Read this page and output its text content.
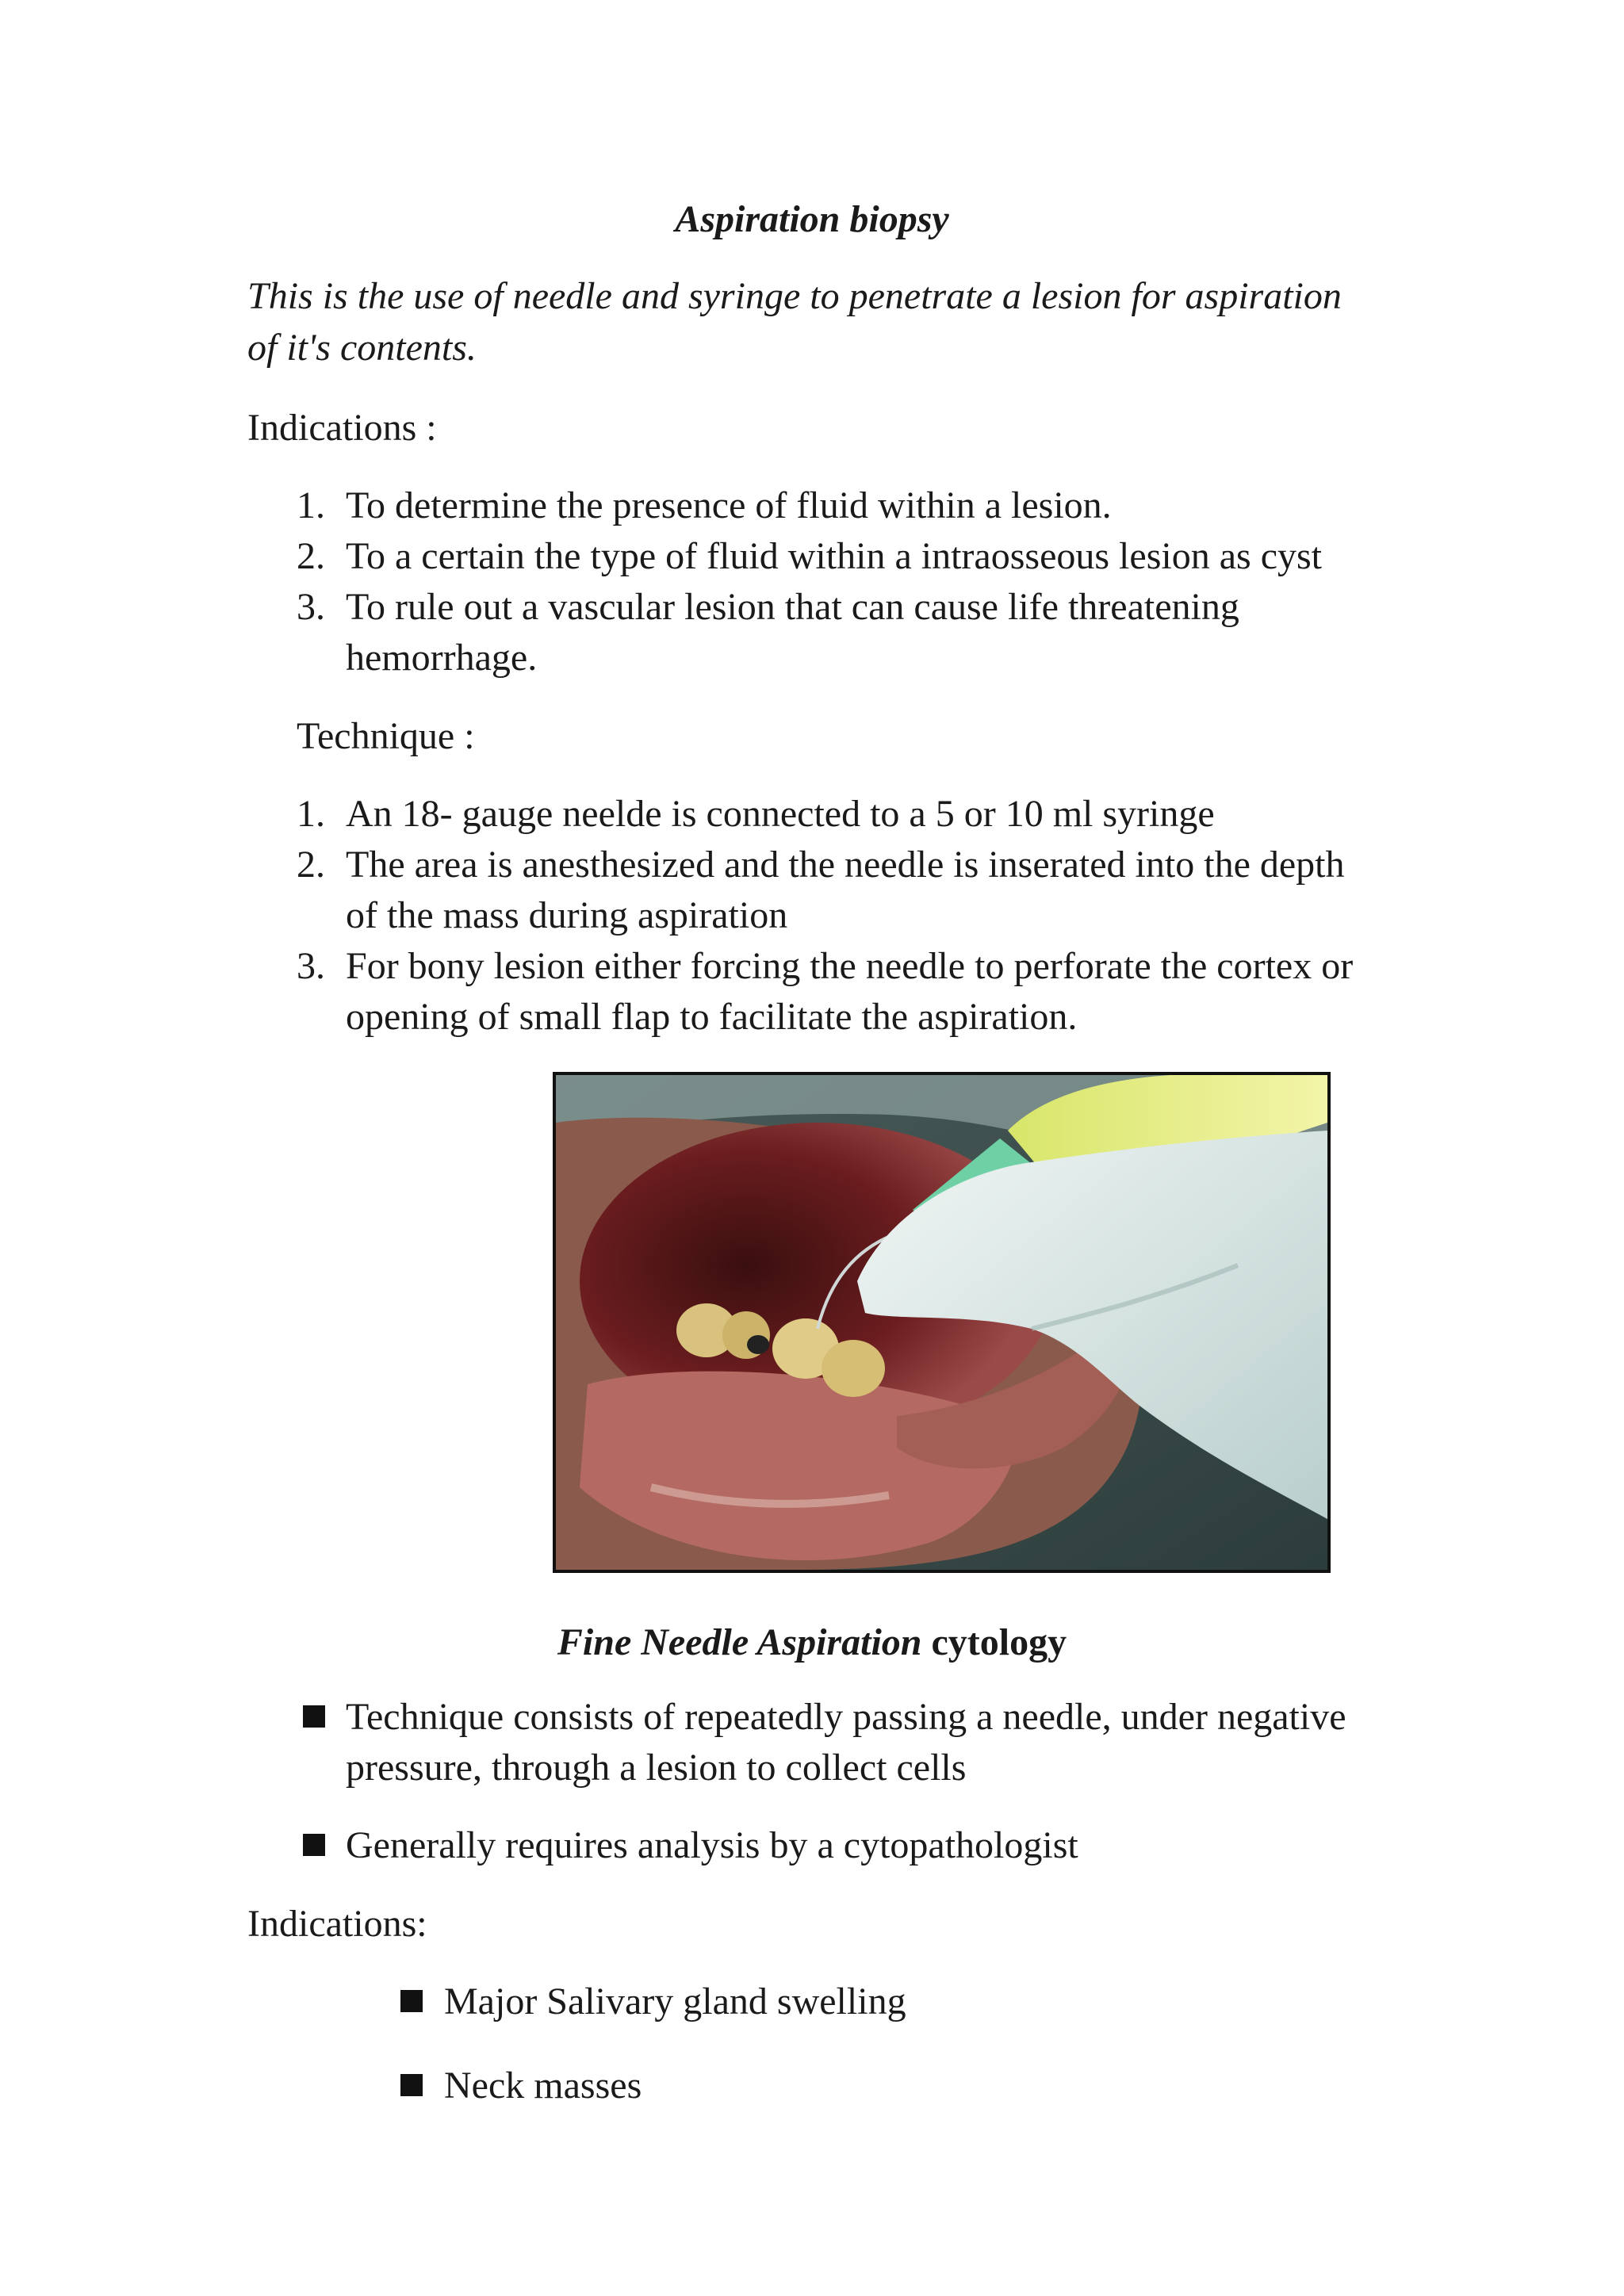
Aspiration biopsy
This is the use of needle and syringe to penetrate a lesion for aspiration
of it's contents.
Indications :
1. To determine the presence of fluid within a lesion.
2. To a certain the type of fluid within a intraosseous lesion as cyst
3. To rule out a vascular lesion that can cause life threatening
hemorrhage.
Technique :
1. An 18- gauge neelde is connected to a 5 or 10 ml syringe
2. The area is anesthesized and the needle is inserated into the depth
of the mass during aspiration
3. For bony lesion either forcing the needle to perforate the cortex or
opening of small flap to facilitate the aspiration.
Fine Needle Aspiration cytology
Technique consists of repeatedly passing a needle, under negative
pressure, through a lesion to collect cells
Generally requires analysis by a cytopathologist
Indications:
Major Salivary gland swelling
Neck masses
